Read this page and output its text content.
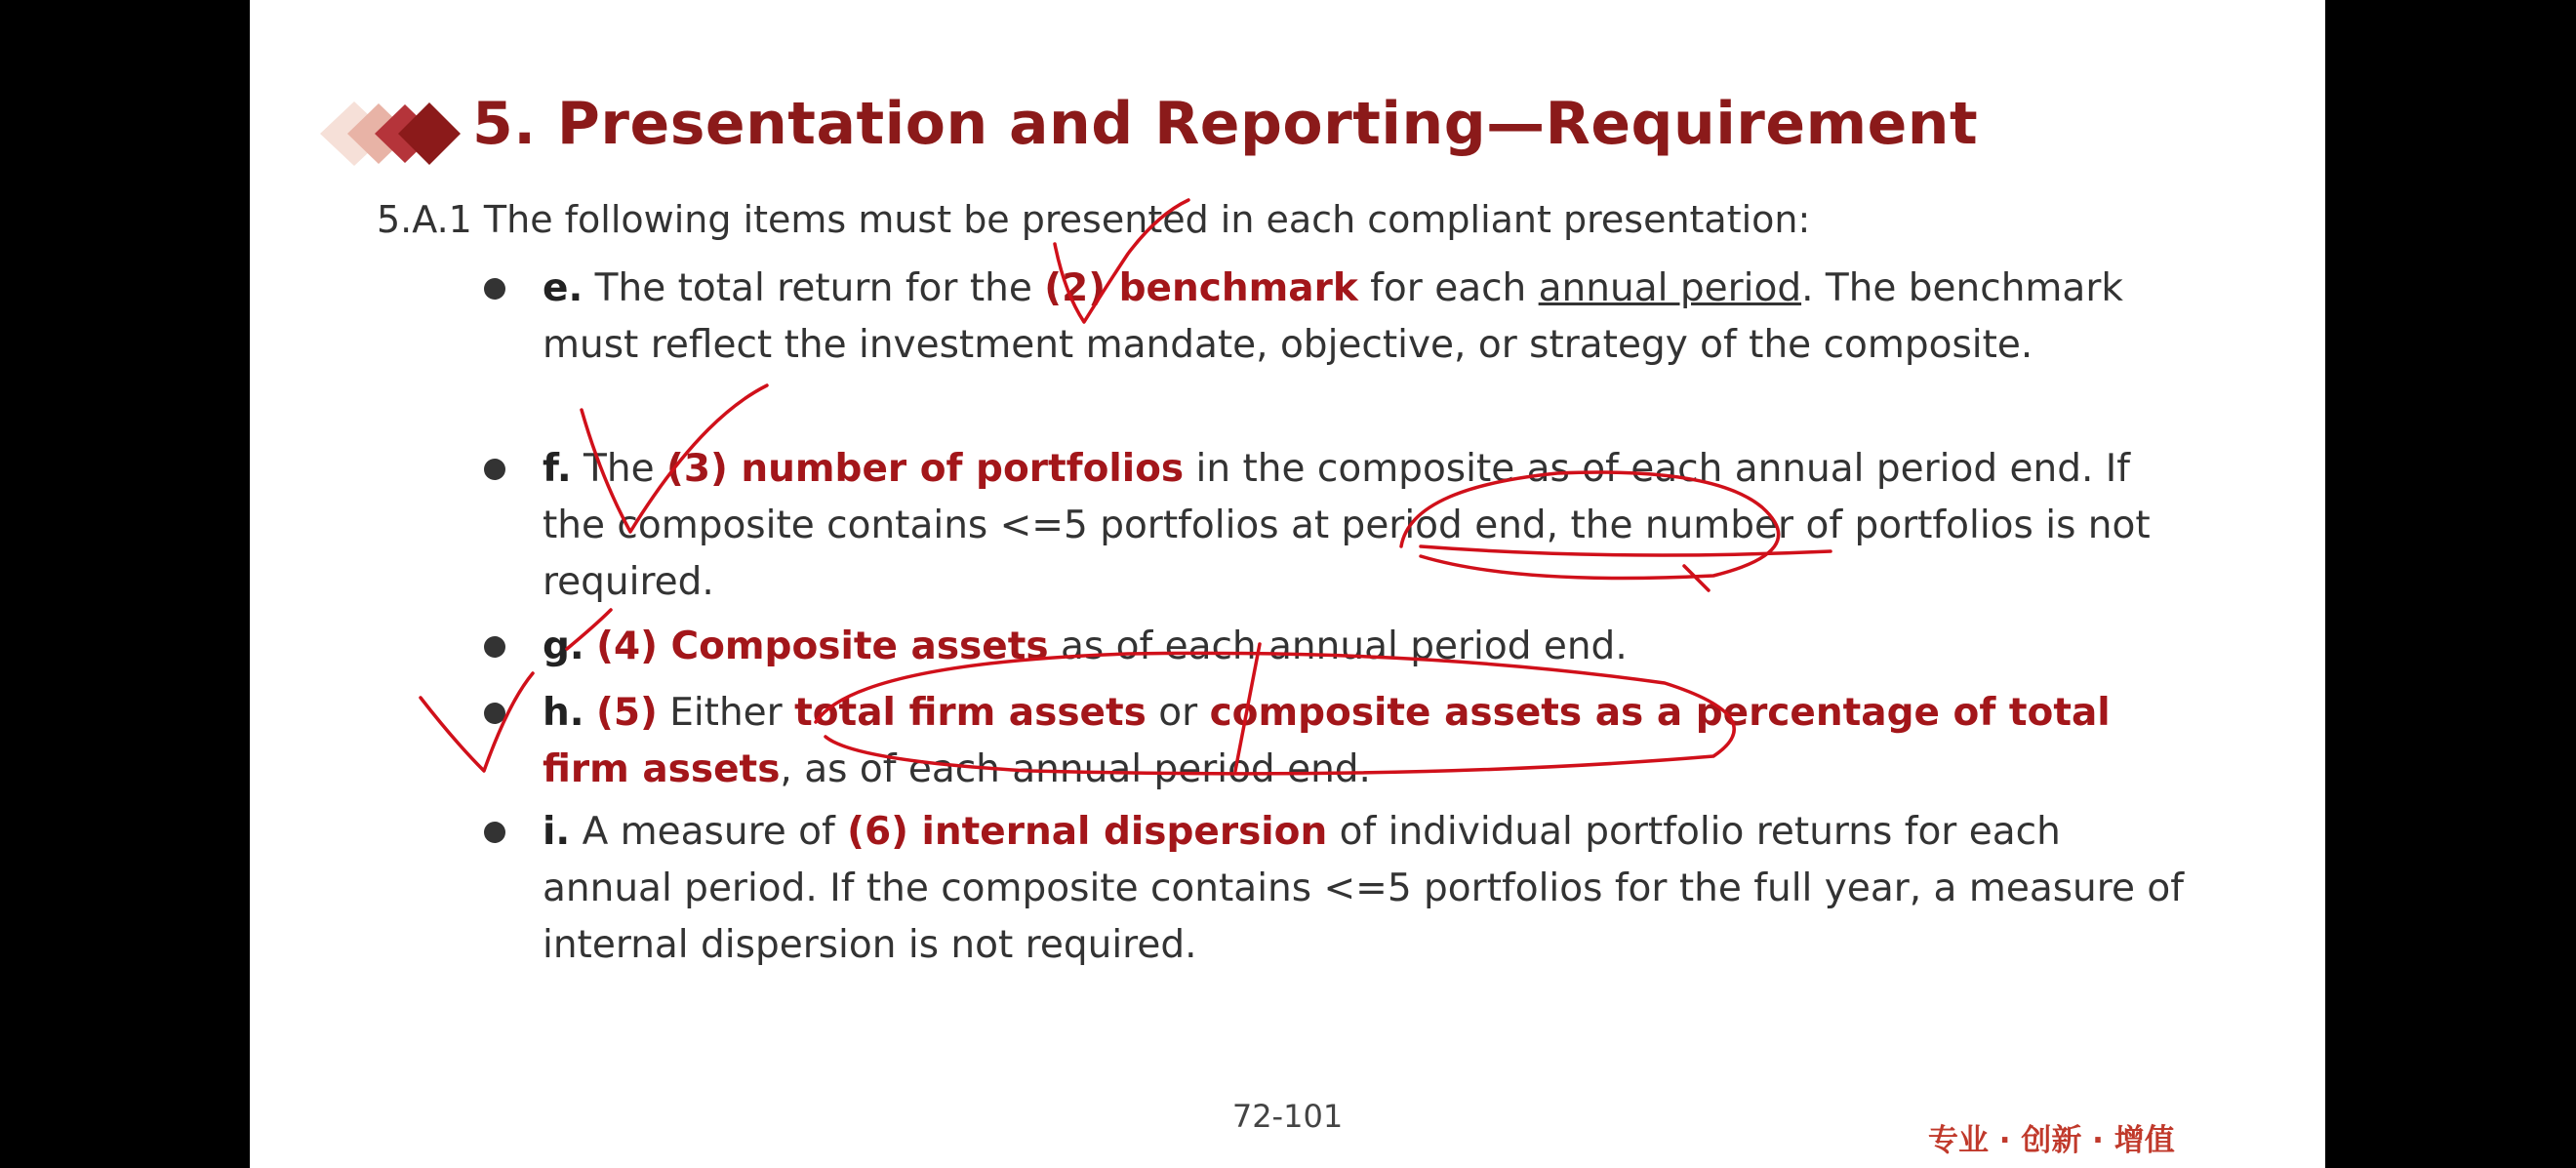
5. Presentation and Reporting—Requirement
5.A.1 The following items must be presented in each compliant presentation:
e. The total return for the (2) benchmark for each annual period. The benchmark must reflect the investment mandate, objective, or strategy of the composite.
f. The (3) number of portfolios in the composite as of each annual period end. If the composite contains <=5 portfolios at period end, the number of portfolios is not required.
g. (4) Composite assets as of each annual period end.
h. (5) Either total firm assets or composite assets as a percentage of total firm assets, as of each annual period end.
i. A measure of (6) internal dispersion of individual portfolio returns for each annual period. If the composite contains <=5 portfolios for the full year, a measure of internal dispersion is not required.
72-101
专业 · 创新 · 增值
